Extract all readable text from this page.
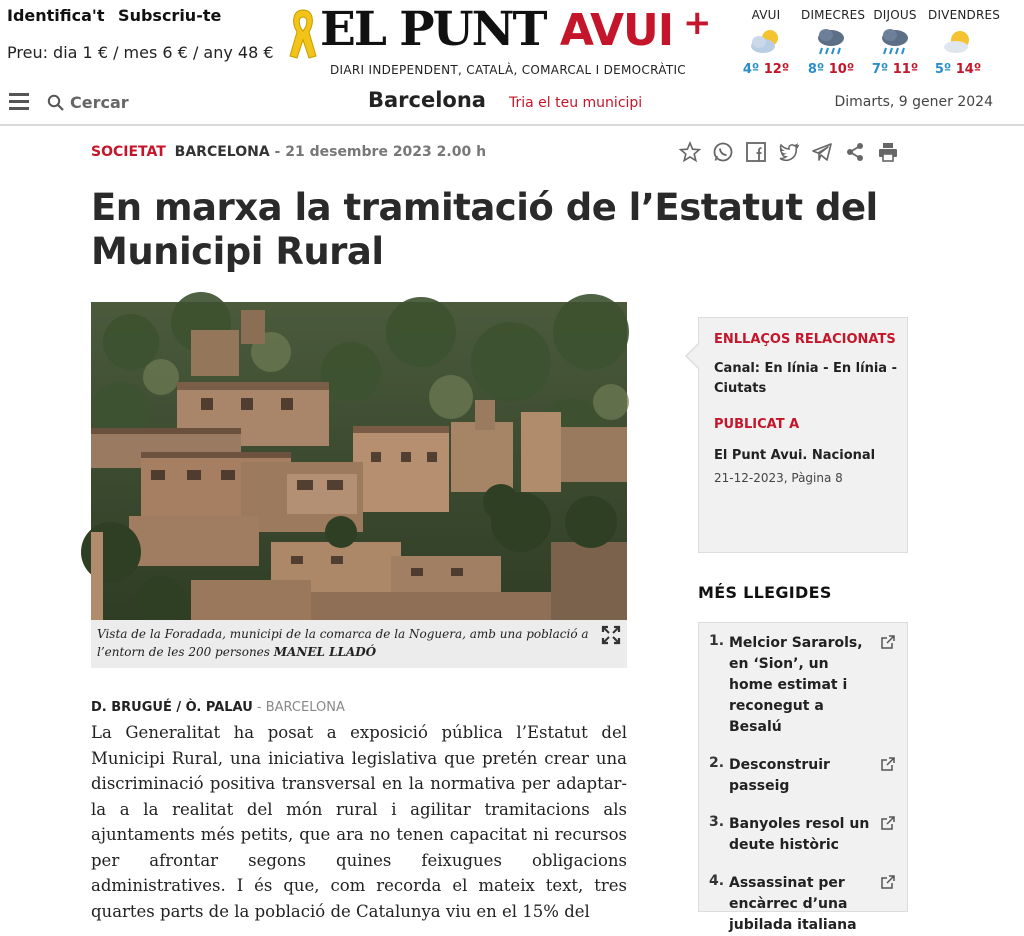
Identifica't Subscriu-te
Preu: dia 1 € / mes 6 € / any 48 € EL PUNT AVUI +
DIARI INDEPENDENT, CATALÀ, COMARCAL I DEMOCRÀTIC
AVUI
4º 12º
DIMECRES
8º 10º
DIJOUS
7º 11º
DIVENDRES
5º 14º
Cercar	Barcelona Tria el teu municipi	Dimarts, 9 gener 2024
SOCIETAT BARCELONA - 21 desembre 2023 2.00 h
En marxa la tramitació de l’Estatut del Municipi Rural
Vista de la Foradada, municipi de la comarca de la Noguera, amb una població a l’entorn de les 200 persones MANEL LLADÓ
D. BRUGUÉ / Ò. PALAU - BARCELONA

La Generalitat ha posat a exposició pública l’Estatut del Municipi Rural, una iniciativa legislativa que pretén crear una discriminació positiva transversal en la normativa per adaptar-la a la realitat del món rural i agilitar tramitacions als ajuntaments més petits, que ara no tenen capacitat ni recursos per afrontar segons quines feixugues obligacions administratives. I és que, com recorda el mateix text, tres quartes parts de la població de Catalunya viu en el 15% del

ENLLAÇOS RELACIONATS
Canal: En línia - En línia - Ciutats
PUBLICAT A
El Punt Avui. Nacional
21-12-2023, Pàgina 8
MÉS LLEGIDES
1. Melcior Sararols, en ‘Sion’, un home estimat i reconegut a Besalú
2. Desconstruir passeig
3. Banyoles resol un deute històric
4. Assassinat per encàrrec d’una jubilada italiana
